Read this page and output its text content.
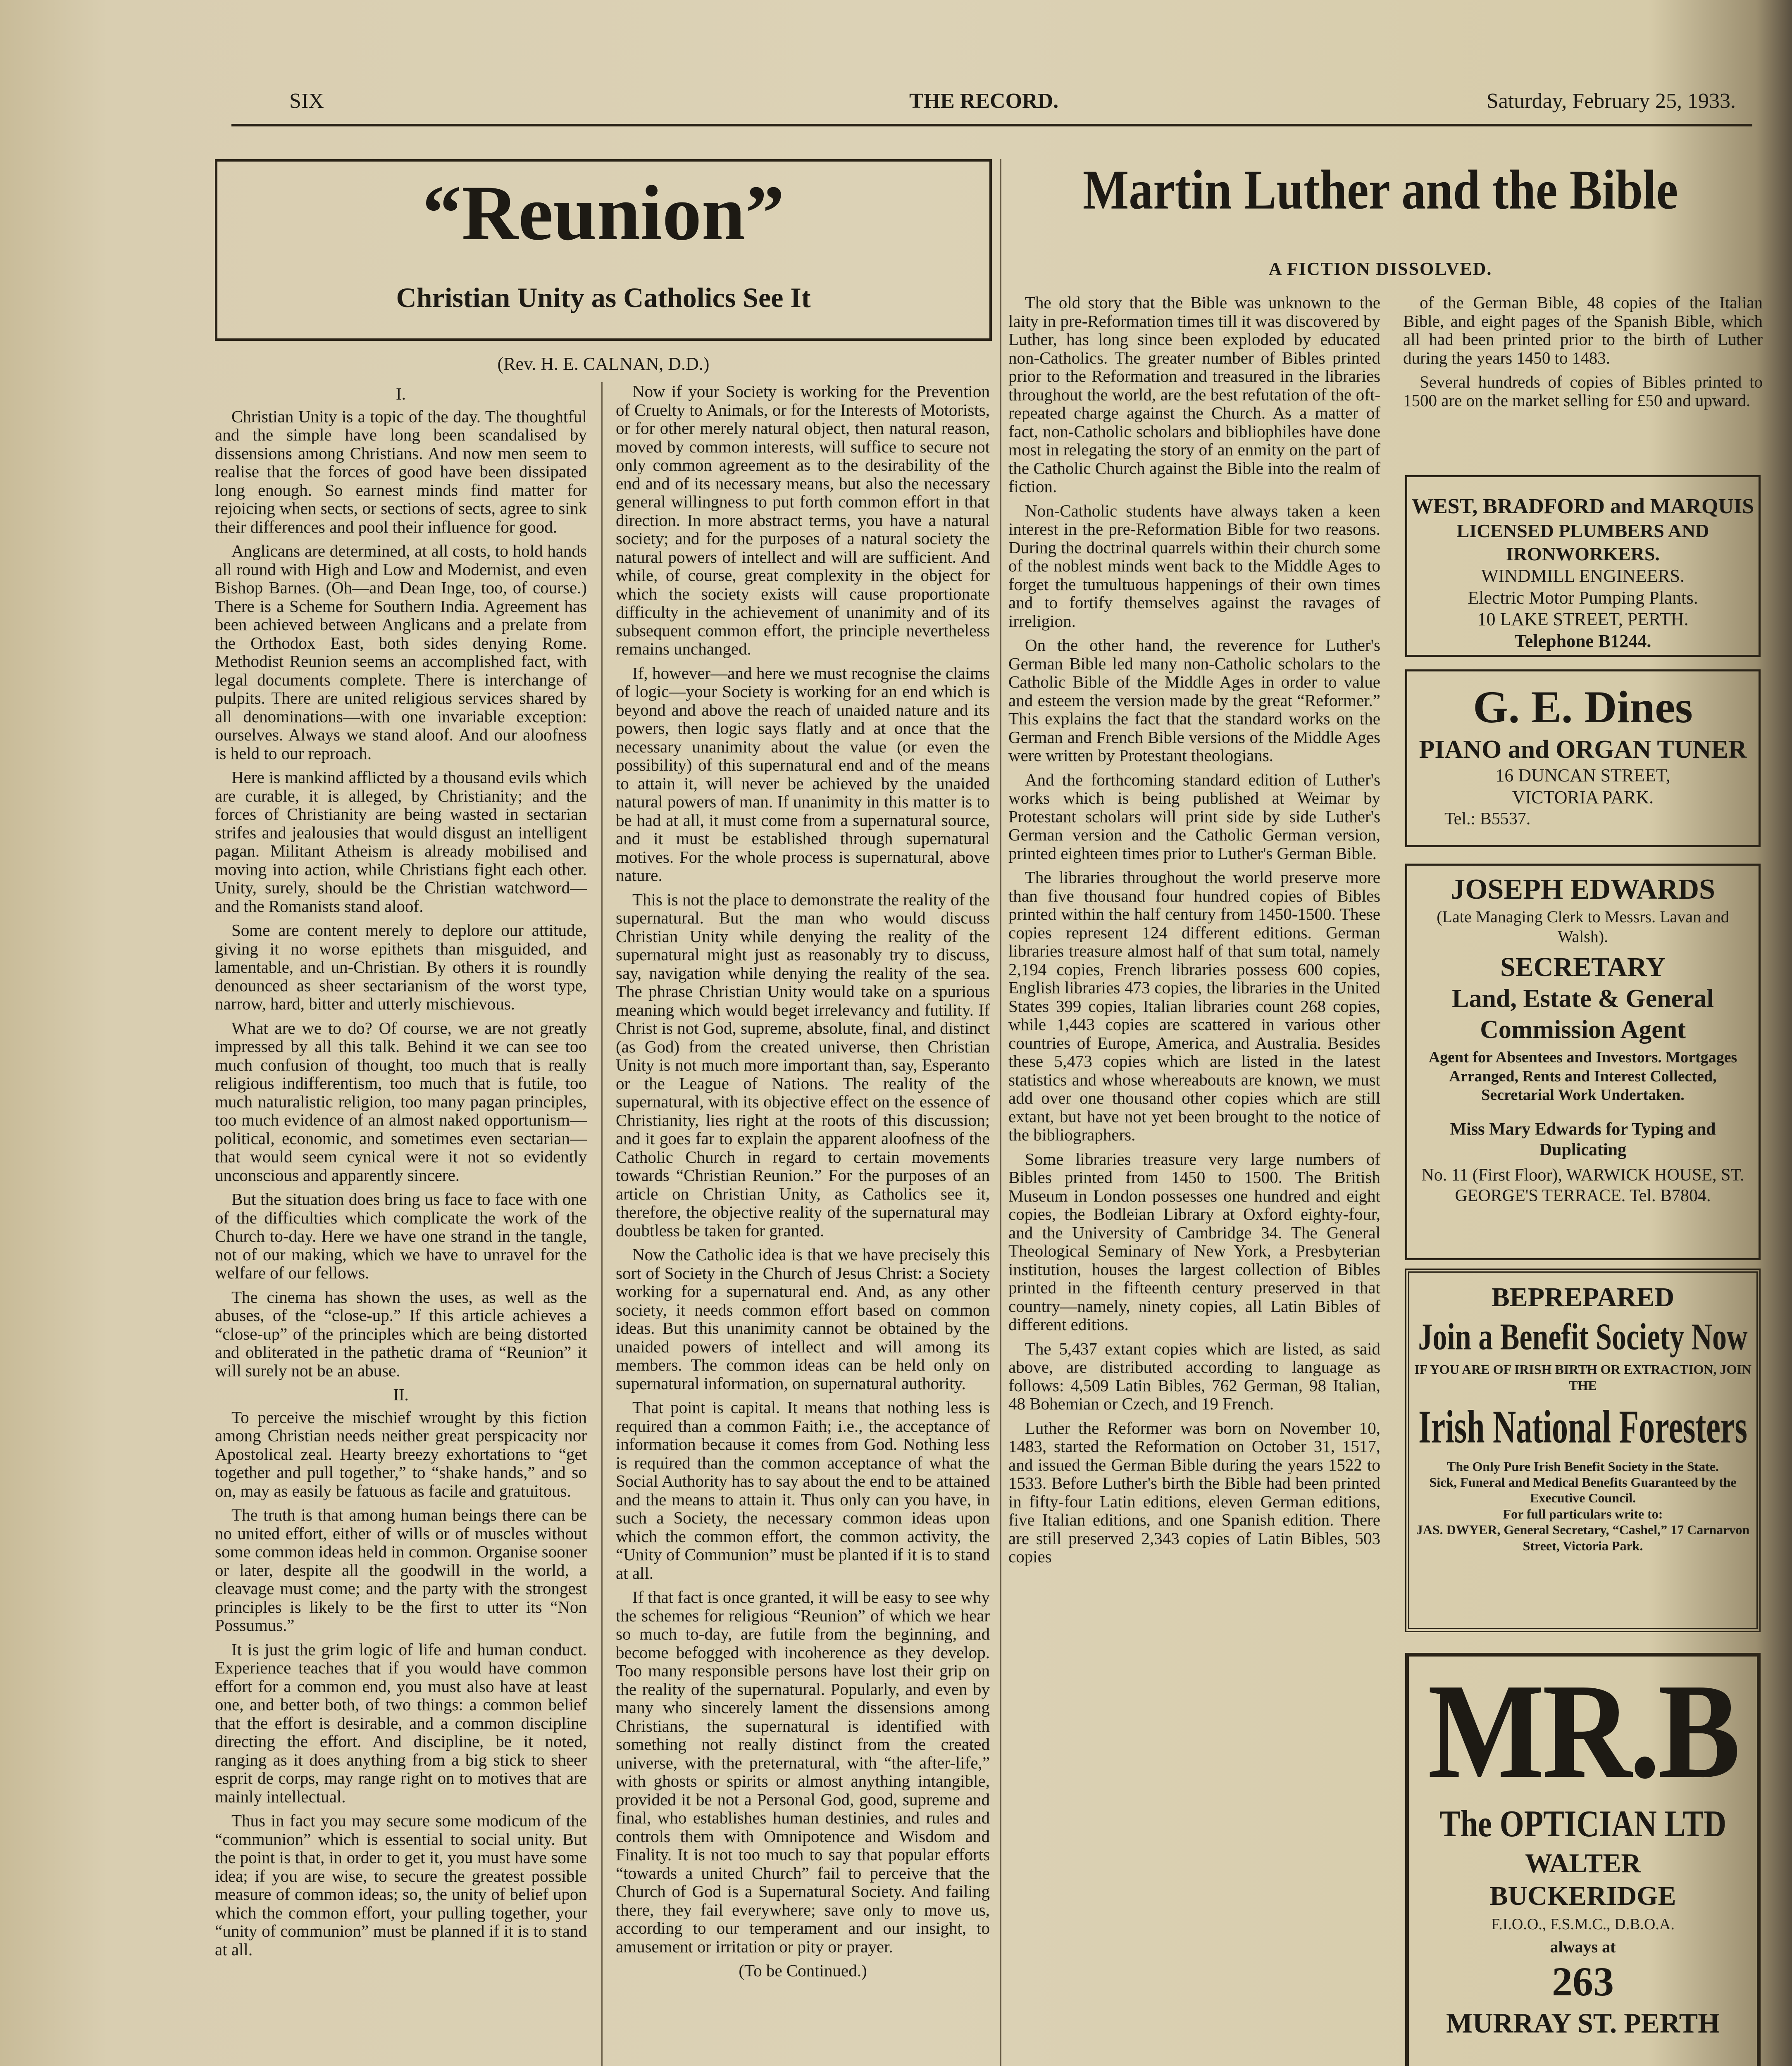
SIX	THE RECORD.	Saturday, February 25, 1933.
“Reunion”
Christian Unity as Catholics See It
(Rev. H. E. CALNAN, D.D.)

I.

Christian Unity is a topic of the day. The thoughtful and the simple have long been scandalised by dissensions among Christians. And now men seem to realise that the forces of good have been dissipated long enough. So earnest minds find matter for rejoicing when sects, or sections of sects, agree to sink their differences and pool their influence for good.

Anglicans are determined, at all costs, to hold hands all round with High and Low and Modernist, and even Bishop Barnes. (Oh—and Dean Inge, too, of course.) There is a Scheme for Southern India. Agreement has been achieved between Anglicans and a prelate from the Orthodox East, both sides denying Rome. Methodist Reunion seems an accomplished fact, with legal documents complete. There is interchange of pulpits. There are united religious services shared by all denominations—with one invariable exception: ourselves. Always we stand aloof. And our aloofness is held to our reproach.

Here is mankind afflicted by a thousand evils which are curable, it is alleged, by Christianity; and the forces of Christianity are being wasted in sectarian strifes and jealousies that would disgust an intelligent pagan. Militant Atheism is already mobilised and moving into action, while Christians fight each other. Unity, surely, should be the Christian watchword—and the Romanists stand aloof.

Some are content merely to deplore our attitude, giving it no worse epithets than misguided, and lamentable, and un-Christian. By others it is roundly denounced as sheer sectarianism of the worst type, narrow, hard, bitter and utterly mischievous.

What are we to do? Of course, we are not greatly impressed by all this talk. Behind it we can see too much confusion of thought, too much that is really religious indifferentism, too much that is futile, too much naturalistic religion, too many pagan principles, too much evidence of an almost naked opportunism—political, economic, and sometimes even sectarian—that would seem cynical were it not so evidently unconscious and apparently sincere.

But the situation does bring us face to face with one of the difficulties which complicate the work of the Church to-day. Here we have one strand in the tangle, not of our making, which we have to unravel for the welfare of our fellows.

The cinema has shown the uses, as well as the abuses, of the “close-up.” If this article achieves a “close-up” of the principles which are being distorted and obliterated in the pathetic drama of “Reunion” it will surely not be an abuse.

II.

To perceive the mischief wrought by this fiction among Christian needs neither great perspicacity nor Apostolical zeal. Hearty breezy exhortations to “get together and pull together,” to “shake hands,” and so on, may as easily be fatuous as facile and gratuitous.

The truth is that among human beings there can be no united effort, either of wills or of muscles without some common ideas held in common. Organise sooner or later, despite all the goodwill in the world, a cleavage must come; and the party with the strongest principles is likely to be the first to utter its “Non Possumus.”

It is just the grim logic of life and human conduct. Experience teaches that if you would have common effort for a common end, you must also have at least one, and better both, of two things: a common belief that the effort is desirable, and a common discipline directing the effort. And discipline, be it noted, ranging as it does anything from a big stick to sheer esprit de corps, may range right on to motives that are mainly intellectual.

Thus in fact you may secure some modicum of the “communion” which is essential to social unity. But the point is that, in order to get it, you must have some idea; if you are wise, to secure the greatest possible measure of common ideas; so, the unity of belief upon which the common effort, your pulling together, your “unity of communion” must be planned if it is to stand at all.

Now if your Society is working for the Prevention of Cruelty to Animals, or for the Interests of Motorists, or for other merely natural object, then natural reason, moved by common interests, will suffice to secure not only common agreement as to the desirability of the end and of its necessary means, but also the necessary general willingness to put forth common effort in that direction. In more abstract terms, you have a natural society; and for the purposes of a natural society the natural powers of intellect and will are sufficient. And while, of course, great complexity in the object for which the society exists will cause proportionate difficulty in the achievement of unanimity and of its subsequent common effort, the principle nevertheless remains unchanged.

If, however—and here we must recognise the claims of logic—your Society is working for an end which is beyond and above the reach of unaided nature and its powers, then logic says flatly and at once that the necessary unanimity about the value (or even the possibility) of this supernatural end and of the means to attain it, will never be achieved by the unaided natural powers of man. If unanimity in this matter is to be had at all, it must come from a supernatural source, and it must be established through supernatural motives. For the whole process is supernatural, above nature.

This is not the place to demonstrate the reality of the supernatural. But the man who would discuss Christian Unity while denying the reality of the supernatural might just as reasonably try to discuss, say, navigation while denying the reality of the sea. The phrase Christian Unity would take on a spurious meaning which would beget irrelevancy and futility. If Christ is not God, supreme, absolute, final, and distinct (as God) from the created universe, then Christian Unity is not much more important than, say, Esperanto or the League of Nations. The reality of the supernatural, with its objective effect on the essence of Christianity, lies right at the roots of this discussion; and it goes far to explain the apparent aloofness of the Catholic Church in regard to certain movements towards “Christian Reunion.” For the purposes of an article on Christian Unity, as Catholics see it, therefore, the objective reality of the supernatural may doubtless be taken for granted.

Now the Catholic idea is that we have precisely this sort of Society in the Church of Jesus Christ: a Society working for a supernatural end. And, as any other society, it needs common effort based on common ideas. But this unanimity cannot be obtained by the unaided powers of intellect and will among its members. The common ideas can be held only on supernatural information, on supernatural authority.

That point is capital. It means that nothing less is required than a common Faith; i.e., the acceptance of information because it comes from God. Nothing less is required than the common acceptance of what the Social Authority has to say about the end to be attained and the means to attain it. Thus only can you have, in such a Society, the necessary common ideas upon which the common effort, the common activity, the “Unity of Communion” must be planted if it is to stand at all.

If that fact is once granted, it will be easy to see why the schemes for religious “Reunion” of which we hear so much to-day, are futile from the beginning, and become befogged with incoherence as they develop. Too many responsible persons have lost their grip on the reality of the supernatural. Popularly, and even by many who sincerely lament the dissensions among Christians, the supernatural is identified with something not really distinct from the created universe, with the preternatural, with “the after-life,” with ghosts or spirits or almost anything intangible, provided it be not a Personal God, good, supreme and final, who establishes human destinies, and rules and controls them with Omnipotence and Wisdom and Finality. It is not too much to say that popular efforts “towards a united Church” fail to perceive that the Church of God is a Supernatural Society. And failing there, they fail everywhere; save only to move us, according to our temperament and our insight, to amusement or irritation or pity or prayer.

(To be Continued.)

Martin Luther and the Bible
A FICTION DISSOLVED.

The old story that the Bible was unknown to the laity in pre-Reformation times till it was discovered by Luther, has long since been exploded by educated non-Catholics. The greater number of Bibles printed prior to the Reformation and treasured in the libraries throughout the world, are the best refutation of the oft-repeated charge against the Church. As a matter of fact, non-Catholic scholars and bibliophiles have done most in relegating the story of an enmity on the part of the Catholic Church against the Bible into the realm of fiction.

Non-Catholic students have always taken a keen interest in the pre-Reformation Bible for two reasons. During the doctrinal quarrels within their church some of the noblest minds went back to the Middle Ages to forget the tumultuous happenings of their own times and to fortify themselves against the ravages of irreligion.

On the other hand, the reverence for Luther's German Bible led many non-Catholic scholars to the Catholic Bible of the Middle Ages in order to value and esteem the version made by the great “Reformer.” This explains the fact that the standard works on the German and French Bible versions of the Middle Ages were written by Protestant theologians.

And the forthcoming standard edition of Luther's works which is being published at Weimar by Protestant scholars will print side by side Luther's German version and the Catholic German version, printed eighteen times prior to Luther's German Bible.

The libraries throughout the world preserve more than five thousand four hundred copies of Bibles printed within the half century from 1450-1500. These copies represent 124 different editions. German libraries treasure almost half of that sum total, namely 2,194 copies, French libraries possess 600 copies, English libraries 473 copies, the libraries in the United States 399 copies, Italian libraries count 268 copies, while 1,443 copies are scattered in various other countries of Europe, America, and Australia. Besides these 5,473 copies which are listed in the latest statistics and whose whereabouts are known, we must add over one thousand other copies which are still extant, but have not yet been brought to the notice of the bibliographers.

Some libraries treasure very large numbers of Bibles printed from 1450 to 1500. The British Museum in London possesses one hundred and eight copies, the Bodleian Library at Oxford eighty-four, and the University of Cambridge 34. The General Theological Seminary of New York, a Presbyterian institution, houses the largest collection of Bibles printed in the fifteenth century preserved in that country—namely, ninety copies, all Latin Bibles of different editions.

The 5,437 extant copies which are listed, as said above, are distributed according to language as follows: 4,509 Latin Bibles, 762 German, 98 Italian, 48 Bohemian or Czech, and 19 French.

Luther the Reformer was born on November 10, 1483, started the Reformation on October 31, 1517, and issued the German Bible during the years 1522 to 1533. Before Luther's birth the Bible had been printed in fifty-four Latin editions, eleven German editions, five Italian editions, and one Spanish edition. There are still preserved 2,343 copies of Latin Bibles, 503 copies

of the German Bible, 48 copies of the Italian Bible, and eight pages of the Spanish Bible, which all had been printed prior to the birth of Luther during the years 1450 to 1483.

Several hundreds of copies of Bibles printed to 1500 are on the market selling for £50 and upward.

WEST, BRADFORD and MARQUIS
LICENSED PLUMBERS AND
IRONWORKERS.
WINDMILL ENGINEERS.
Electric Motor Pumping Plants.
10 LAKE STREET, PERTH.
Telephone B1244.
G. E. Dines
PIANO and ORGAN TUNER
16 DUNCAN STREET,
VICTORIA PARK.
Tel.: B5537.
JOSEPH EDWARDS
(Late Managing Clerk to Messrs. Lavan and Walsh).
SECRETARY
Land, Estate & General
Commission Agent
Agent for Absentees and Investors. Mortgages Arranged, Rents and Interest Collected, Secretarial Work Undertaken.
Miss Mary Edwards for Typing and Duplicating
No. 11 (First Floor), WARWICK HOUSE, ST. GEORGE'S TERRACE. Tel. B7804.
BEPREPARED
Join a Benefit Society Now
IF YOU ARE OF IRISH BIRTH OR EXTRACTION, JOIN THE
Irish National Foresters
The Only Pure Irish Benefit Society in the State.
Sick, Funeral and Medical Benefits Guaranteed by the Executive Council.
For full particulars write to:
JAS. DWYER, General Secretary, “Cashel,” 17 Carnarvon Street, Victoria Park.
MR.B
The OPTICIAN LTD
WALTER
BUCKERIDGE
F.I.O.O., F.S.M.C., D.B.O.A.
always at
263
MURRAY ST. PERTH
